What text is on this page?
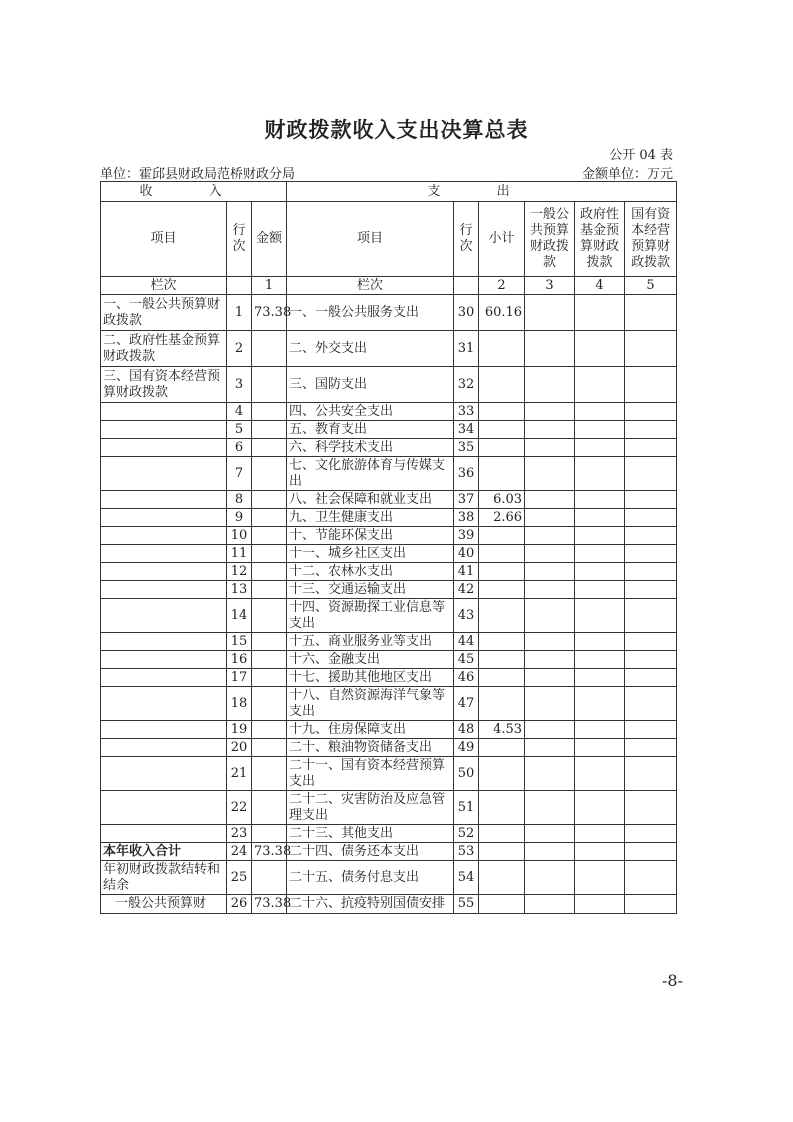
财政拨款收入支出决算总表
公开 04 表
单位：霍邱县财政局范桥财政分局	金额单位：万元
收 入			支 出					
项目	行次	金额	项目	行次	小计	一般公共预算财政拨款	政府性基金预算财政拨款	国有资本经营预算财政拨款
栏次		1	栏次		2	3	4	5
一、一般公共预算财政拨款	1	73.38	一、一般公共服务支出	30	60.16			
二、政府性基金预算财政拨款	2		二、外交支出	31				
三、国有资本经营预算财政拨款	3		三、国防支出	32				
	4		四、公共安全支出	33				
	5		五、教育支出	34				
	6		六、科学技术支出	35				
	7		七、文化旅游体育与传媒支出	36				
	8		八、社会保障和就业支出	37	6.03			
	9		九、卫生健康支出	38	2.66			
	10		十、节能环保支出	39				
	11		十一、城乡社区支出	40				
	12		十二、农林水支出	41				
	13		十三、交通运输支出	42				
	14		十四、资源勘探工业信息等支出	43				
	15		十五、商业服务业等支出	44				
	16		十六、金融支出	45				
	17		十七、援助其他地区支出	46				
	18		十八、自然资源海洋气象等支出	47				
	19		十九、住房保障支出	48	4.53			
	20		二十、粮油物资储备支出	49				
	21		二十一、国有资本经营预算支出	50				
	22		二十二、灾害防治及应急管理支出	51				
	23		二十三、其他支出	52				
本年收入合计	24	73.38	二十四、债务还本支出	53				
年初财政拨款结转和结余	25		二十五、债务付息支出	54				
一般公共预算财	26	73.38	二十六、抗疫特别国债安排	55				
-8-
